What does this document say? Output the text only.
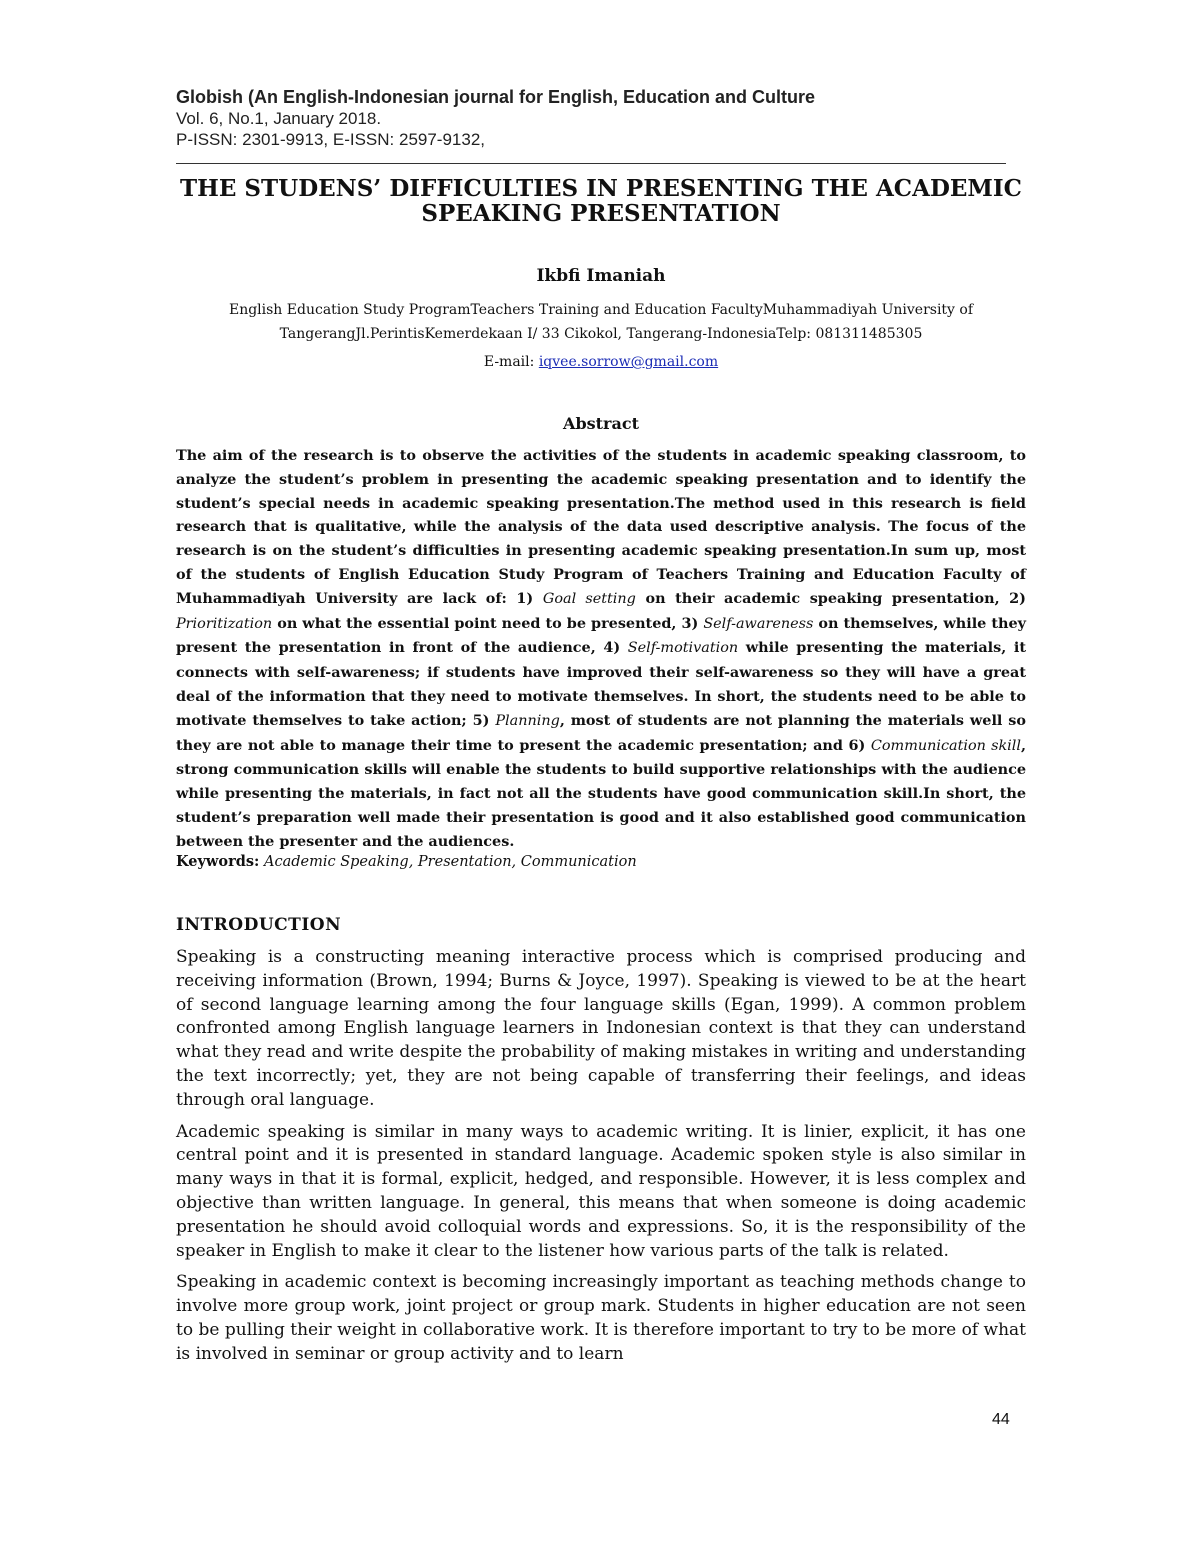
Globish (An English-Indonesian journal for English, Education and Culture
Vol. 6, No.1, January 2018.
P-ISSN: 2301-9913, E-ISSN: 2597-9132,
THE STUDENS’ DIFFICULTIES IN PRESENTING THE ACADEMIC SPEAKING PRESENTATION
Ikbfi Imaniah
English Education Study ProgramTeachers Training and Education FacultyMuhammadiyah University of
TangerangJl.PerintisKemerdekaan I/ 33 Cikokol, Tangerang-IndonesiaTelp: 081311485305
E-mail: iqvee.sorrow@gmail.com
Abstract
The aim of the research is to observe the activities of the students in academic speaking classroom, to analyze the student’s problem in presenting the academic speaking presentation and to identify the student’s special needs in academic speaking presentation.The method used in this research is field research that is qualitative, while the analysis of the data used descriptive analysis. The focus of the research is on the student’s difficulties in presenting academic speaking presentation.In sum up, most of the students of English Education Study Program of Teachers Training and Education Faculty of Muhammadiyah University are lack of: 1) Goal setting on their academic speaking presentation, 2) Prioritization on what the essential point need to be presented, 3) Self-awareness on themselves, while they present the presentation in front of the audience, 4) Self-motivation while presenting the materials, it connects with self-awareness; if students have improved their self-awareness so they will have a great deal of the information that they need to motivate themselves. In short, the students need to be able to motivate themselves to take action; 5) Planning, most of students are not planning the materials well so they are not able to manage their time to present the academic presentation; and 6) Communication skill, strong communication skills will enable the students to build supportive relationships with the audience while presenting the materials, in fact not all the students have good communication skill.In short, the student’s preparation well made their presentation is good and it also established good communication between the presenter and the audiences.
Keywords: Academic Speaking, Presentation, Communication
INTRODUCTION

Speaking is a constructing meaning interactive process which is comprised producing and receiving information (Brown, 1994; Burns & Joyce, 1997). Speaking is viewed to be at the heart of second language learning among the four language skills (Egan, 1999). A common problem confronted among English language learners in Indonesian context is that they can understand what they read and write despite the probability of making mistakes in writing and understanding the text incorrectly; yet, they are not being capable of transferring their feelings, and ideas through oral language.

Academic speaking is similar in many ways to academic writing. It is linier, explicit, it has one central point and it is presented in standard language. Academic spoken style is also similar in many ways in that it is formal, explicit, hedged, and responsible. However, it is less complex and objective than written language. In general, this means that when someone is doing academic presentation he should avoid colloquial words and expressions. So, it is the responsibility of the speaker in English to make it clear to the listener how various parts of the talk is related.

Speaking in academic context is becoming increasingly important as teaching methods change to involve more group work, joint project or group mark. Students in higher education are not seen to be pulling their weight in collaborative work. It is therefore important to try to be more of what is involved in seminar or group activity and to learn

44
